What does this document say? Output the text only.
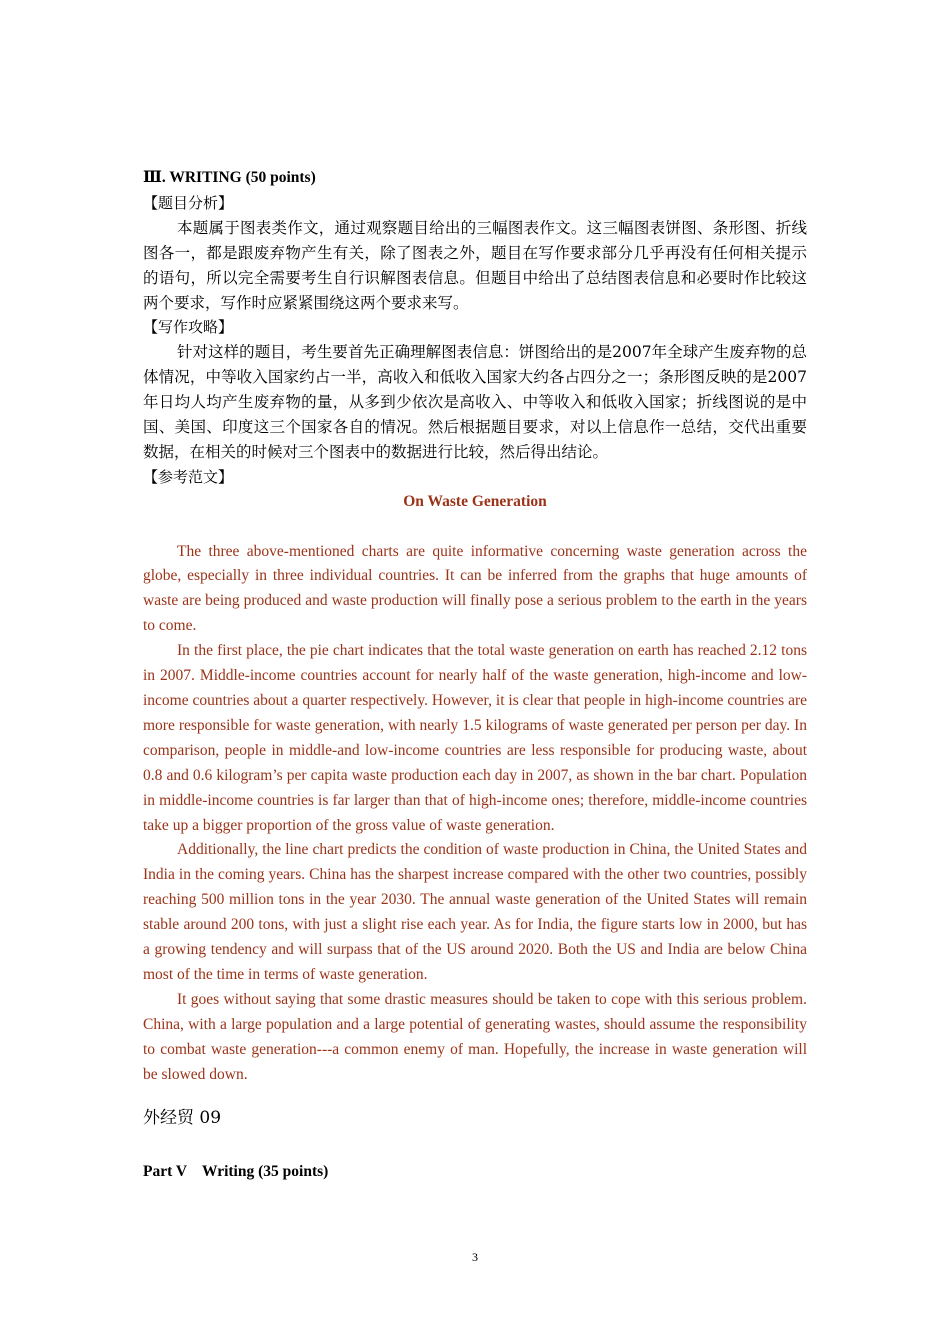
Ⅲ. WRITING (50 points)

【题目分析】

本题属于图表类作文，通过观察题目给出的三幅图表作文。这三幅图表饼图、条形图、折线图各一，都是跟废弃物产生有关，除了图表之外，题目在写作要求部分几乎再没有任何相关提示的语句，所以完全需要考生自行识解图表信息。但题目中给出了总结图表信息和必要时作比较这两个要求，写作时应紧紧围绕这两个要求来写。

【写作攻略】

针对这样的题目，考生要首先正确理解图表信息：饼图给出的是2007年全球产生废弃物的总体情况，中等收入国家约占一半，高收入和低收入国家大约各占四分之一；条形图反映的是2007年日均人均产生废弃物的量，从多到少依次是高收入、中等收入和低收入国家；折线图说的是中国、美国、印度这三个国家各自的情况。然后根据题目要求，对以上信息作一总结，交代出重要数据，在相关的时候对三个图表中的数据进行比较，然后得出结论。

【参考范文】

On Waste Generation

The three above-mentioned charts are quite informative concerning waste generation across the globe, especially in three individual countries. It can be inferred from the graphs that huge amounts of waste are being produced and waste production will finally pose a serious problem to the earth in the years to come.

In the first place, the pie chart indicates that the total waste generation on earth has reached 2.12 tons in 2007. Middle-income countries account for nearly half of the waste generation, high-income and low-income countries about a quarter respectively. However, it is clear that people in high-income countries are more responsible for waste generation, with nearly 1.5 kilograms of waste generated per person per day. In comparison, people in middle-and low-income countries are less responsible for producing waste, about 0.8 and 0.6 kilogram’s per capita waste production each day in 2007, as shown in the bar chart. Population in middle-income countries is far larger than that of high-income ones; therefore, middle-income countries take up a bigger proportion of the gross value of waste generation.

Additionally, the line chart predicts the condition of waste production in China, the United States and India in the coming years. China has the sharpest increase compared with the other two countries, possibly reaching 500 million tons in the year 2030. The annual waste generation of the United States will remain stable around 200 tons, with just a slight rise each year. As for India, the figure starts low in 2000, but has a growing tendency and will surpass that of the US around 2020. Both the US and India are below China most of the time in terms of waste generation.

It goes without saying that some drastic measures should be taken to cope with this serious problem. China, with a large population and a large potential of generating wastes, should assume the responsibility to combat waste generation---a common enemy of man. Hopefully, the increase in waste generation will be slowed down.

外经贸 09

Part V    Writing (35 points)

3
